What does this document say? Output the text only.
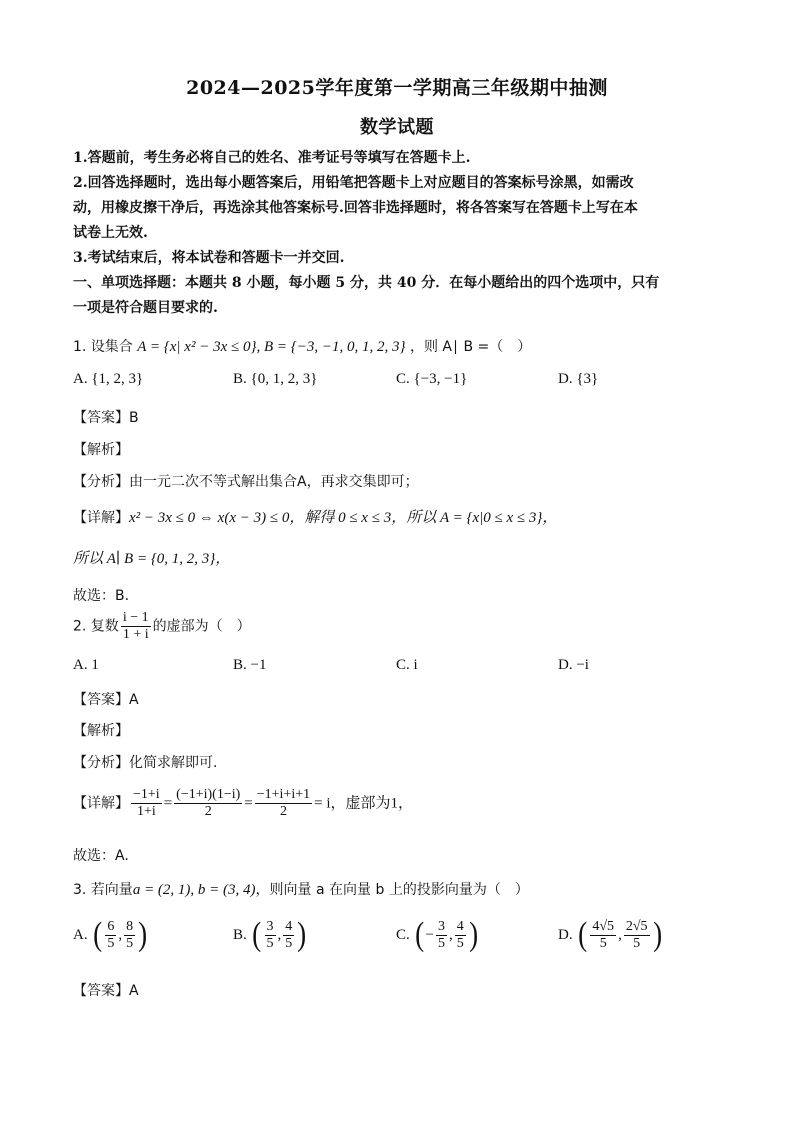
2024—2025学年度第一学期高三年级期中抽测
数学试题
1.答题前，考生务必将自己的姓名、准考证号等填写在答题卡上.
2.回答选择题时，选出每小题答案后，用铅笔把答题卡上对应题目的答案标号涂黑，如需改
动，用橡皮擦干净后，再选涂其他答案标号.回答非选择题时，将各答案写在答题卡上写在本
试卷上无效.
3.考试结束后，将本试卷和答题卡一并交回.
一、单项选择题：本题共 8 小题，每小题 5 分，共 40 分．在每小题给出的四个选项中，只有
一项是符合题目要求的.
1. 设集合 A = {x| x² − 3x ≤ 0}, B = {−3, −1, 0, 1, 2, 3} ，则 A∣ B =（　）
A. {1, 2, 3}	B. {0, 1, 2, 3}	C. {−3, −1}	D. {3}
【答案】B
【解析】
【分析】由一元二次不等式解出集合A，再求交集即可；
【详解】x² − 3x ≤ 0 ⇔ x(x − 3) ≤ 0，解得 0 ≤ x ≤ 3，所以 A = {x|0 ≤ x ≤ 3}，
所以 A∣ B = {0, 1, 2, 3}，
故选：B.
2. 复数 $\frac{i - 1}{1 + i}$ 的虚部为（　）
A. 1	B. −1	C. i	D. −i
【答案】A
【解析】
【分析】化简求解即可.
【详解】 $\frac{-1+i}{1+i} = \frac{(-1+i)(1-i)}{2} = \frac{-1+i+i+1}{2} = i$，虚部为1，
故选：A.
3. 若向量a = (2, 1), b = (3, 4)，则向量 a 在向量 b 上的投影向量为（　）
A. ( $\frac{6}{5}$ , $\frac{8}{5}$ )	B. ( $\frac{3}{5}$ , $\frac{4}{5}$ )	C. (− $\frac{3}{5}$ , $\frac{4}{5}$ )	D. ( $\frac{4√5}{5}$ , $\frac{2√5}{5}$ )
【答案】A
